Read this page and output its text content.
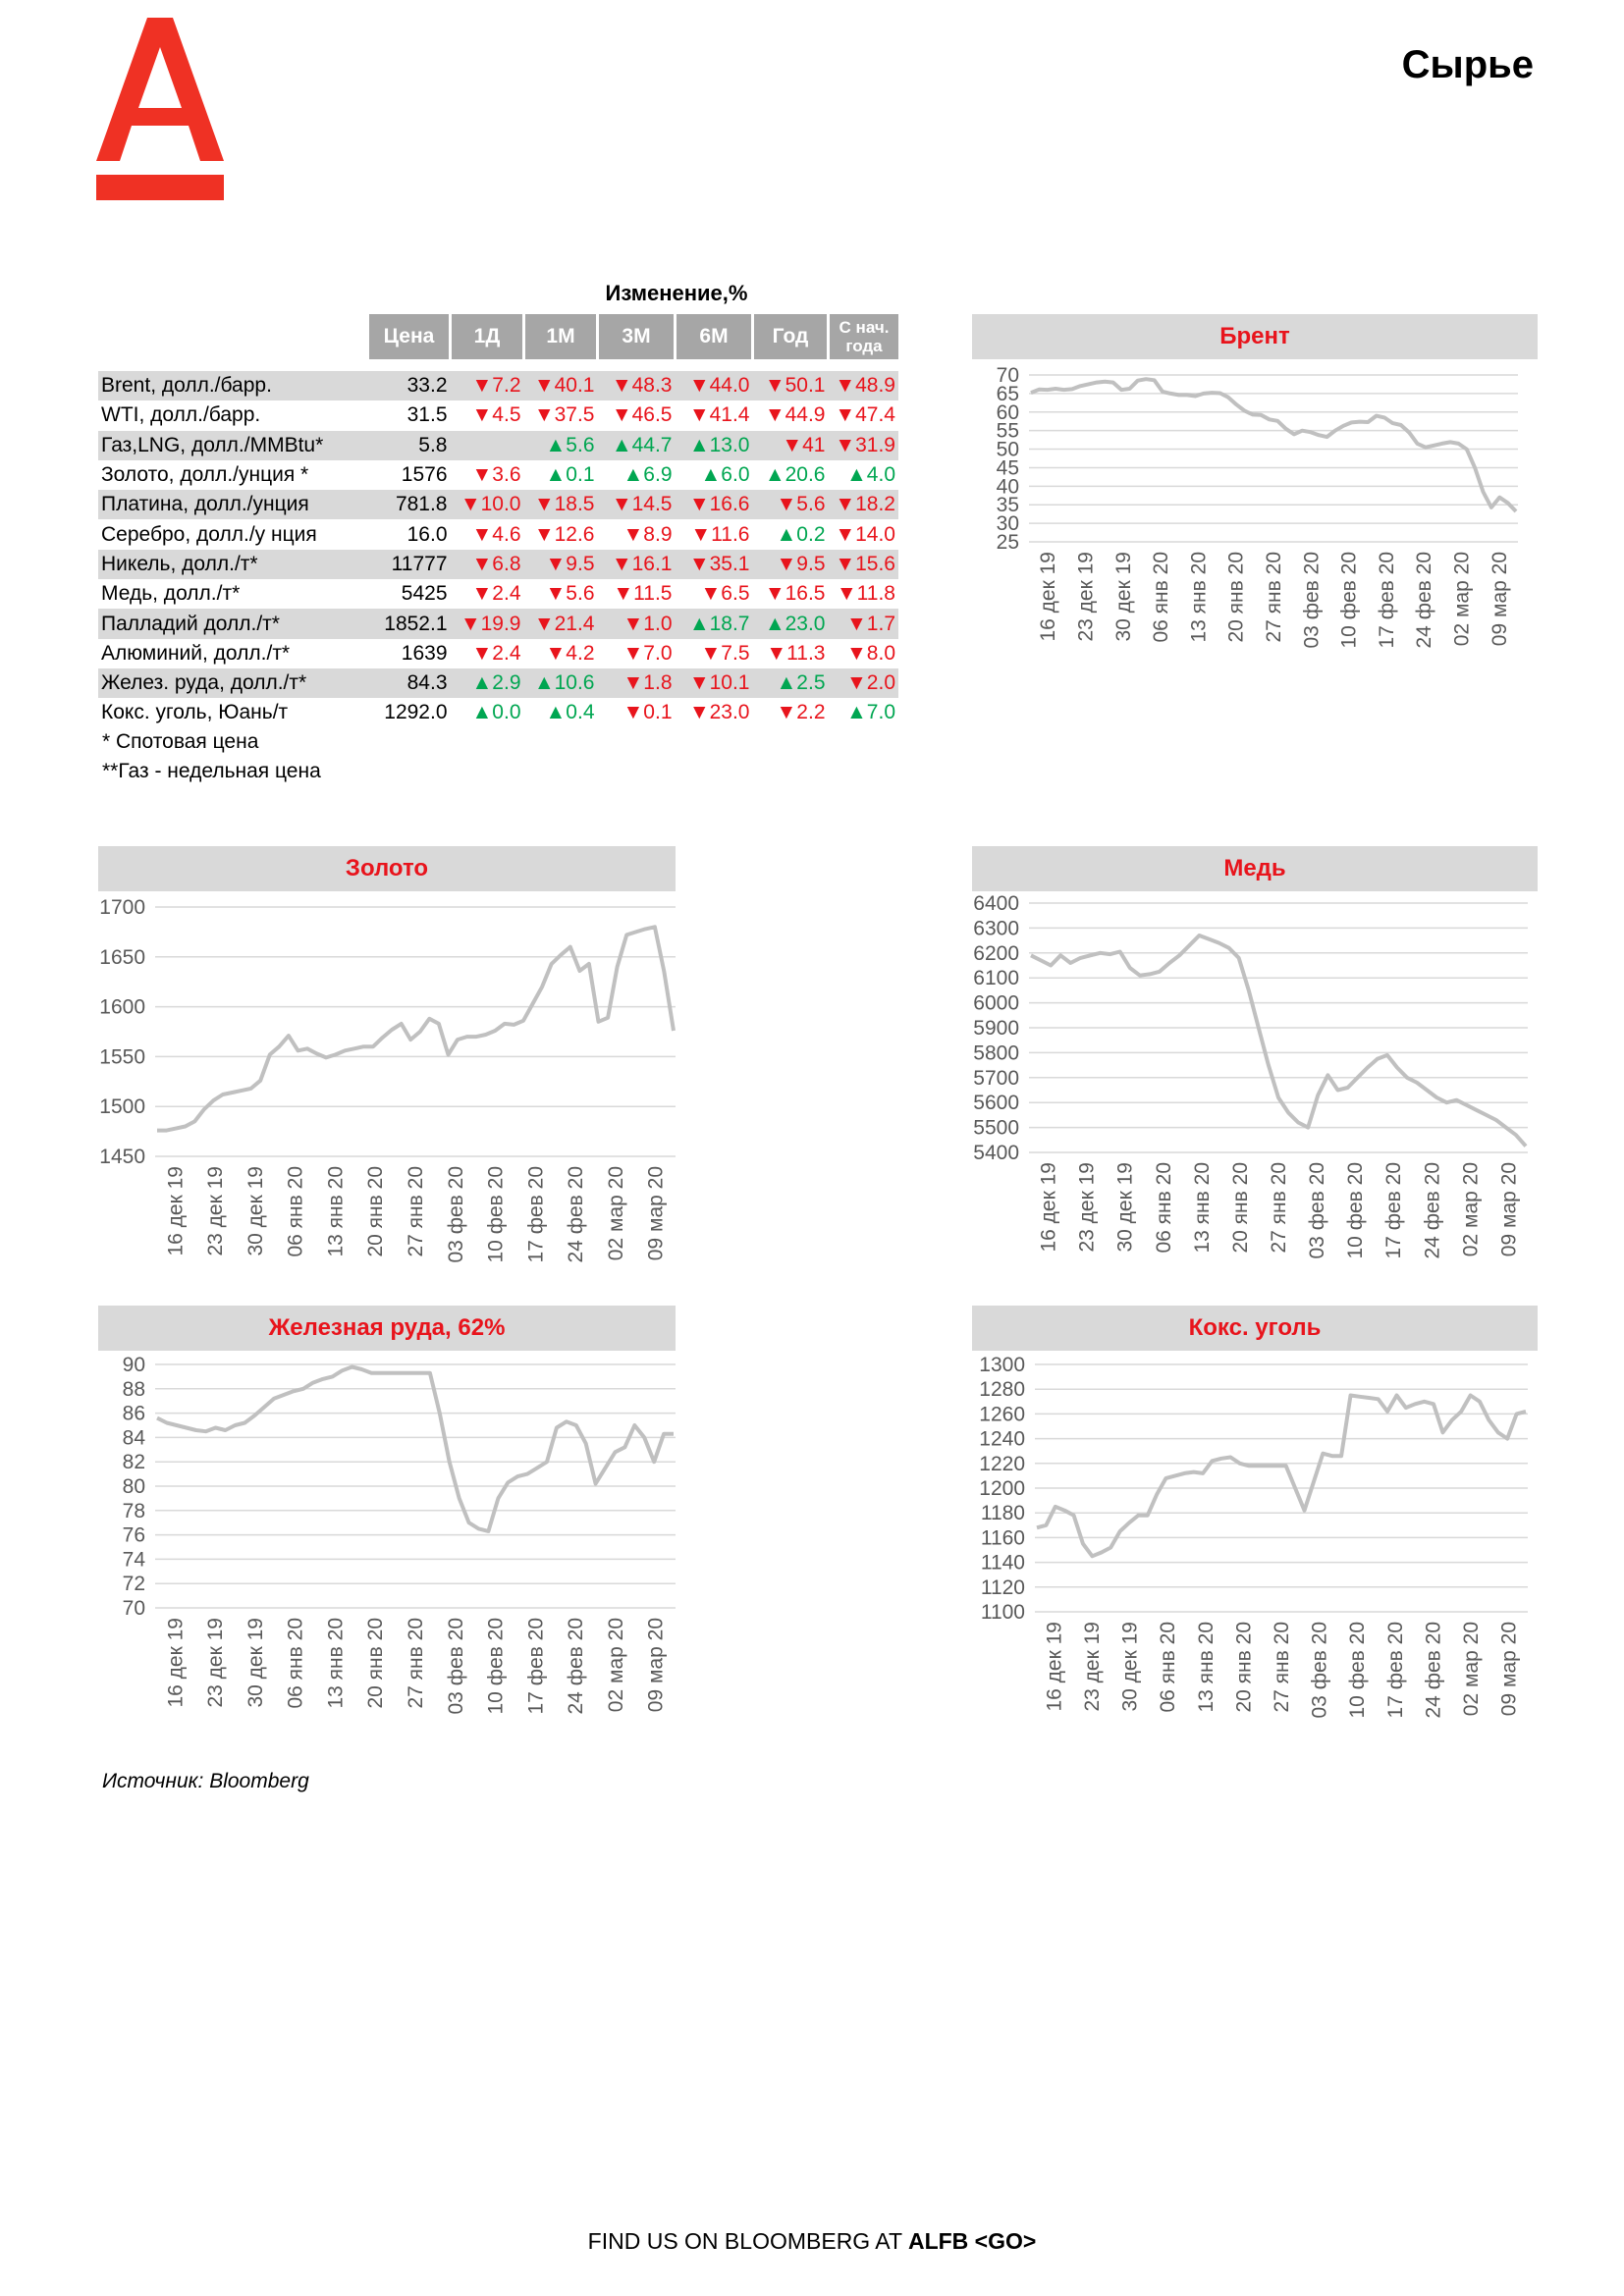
Сырье
Изменение,%
	Цена	1Д	1М	3М	6М	Год	С нач. года

Brent, долл./барр.	33.2	▼7.2	▼40.1	▼48.3	▼44.0	▼50.1	▼48.9
WTI, долл./барр.	31.5	▼4.5	▼37.5	▼46.5	▼41.4	▼44.9	▼47.4
Газ,LNG, долл./MMBtu*	5.8		▲5.6	▲44.7	▲13.0	▼41	▼31.9
Золото, долл./унция *	1576	▼3.6	▲0.1	▲6.9	▲6.0	▲20.6	▲4.0
Платина, долл./унция	781.8	▼10.0	▼18.5	▼14.5	▼16.6	▼5.6	▼18.2
Серебро, долл./у нция	16.0	▼4.6	▼12.6	▼8.9	▼11.6	▲0.2	▼14.0
Никель, долл./т*	11777	▼6.8	▼9.5	▼16.1	▼35.1	▼9.5	▼15.6
Медь, долл./т*	5425	▼2.4	▼5.6	▼11.5	▼6.5	▼16.5	▼11.8
Палладий долл./т*	1852.1	▼19.9	▼21.4	▼1.0	▲18.7	▲23.0	▼1.7
Алюминий, долл./т*	1639	▼2.4	▼4.2	▼7.0	▼7.5	▼11.3	▼8.0
Желез. руда, долл./т*	84.3	▲2.9	▲10.6	▼1.8	▼10.1	▲2.5	▼2.0
Кокс. уголь, Юань/т	1292.0	▲0.0	▲0.4	▼0.1	▼23.0	▼2.2	▲7.0
* Спотовая цена
**Газ - недельная цена
Брент
25
30
35
40
45
50
55
60
65
70
16 дек 19 23 дек 19 30 дек 19 06 янв 20 13 янв 20 20 янв 20 27 янв 20 03 фев 20 10 фев 20 17 фев 20 24 фев 20 02 мар 20 09 мар 20
Золото
1450
1500
1550
1600
1650
1700
16 дек 19 23 дек 19 30 дек 19 06 янв 20 13 янв 20 20 янв 20 27 янв 20 03 фев 20 10 фев 20 17 фев 20 24 фев 20 02 мар 20 09 мар 20
Медь
5400
5500
5600
5700
5800
5900
6000
6100
6200
6300
6400
16 дек 19 23 дек 19 30 дек 19 06 янв 20 13 янв 20 20 янв 20 27 янв 20 03 фев 20 10 фев 20 17 фев 20 24 фев 20 02 мар 20 09 мар 20
Железная руда, 62%
70
72
74
76
78
80
82
84
86
88
90
16 дек 19 23 дек 19 30 дек 19 06 янв 20 13 янв 20 20 янв 20 27 янв 20 03 фев 20 10 фев 20 17 фев 20 24 фев 20 02 мар 20 09 мар 20
Кокс. уголь
1100
1120
1140
1160
1180
1200
1220
1240
1260
1280
1300
16 дек 19 23 дек 19 30 дек 19 06 янв 20 13 янв 20 20 янв 20 27 янв 20 03 фев 20 10 фев 20 17 фев 20 24 фев 20 02 мар 20 09 мар 20
Источник: Bloomberg
FIND US ON BLOOMBERG AT ALFB <GO>
